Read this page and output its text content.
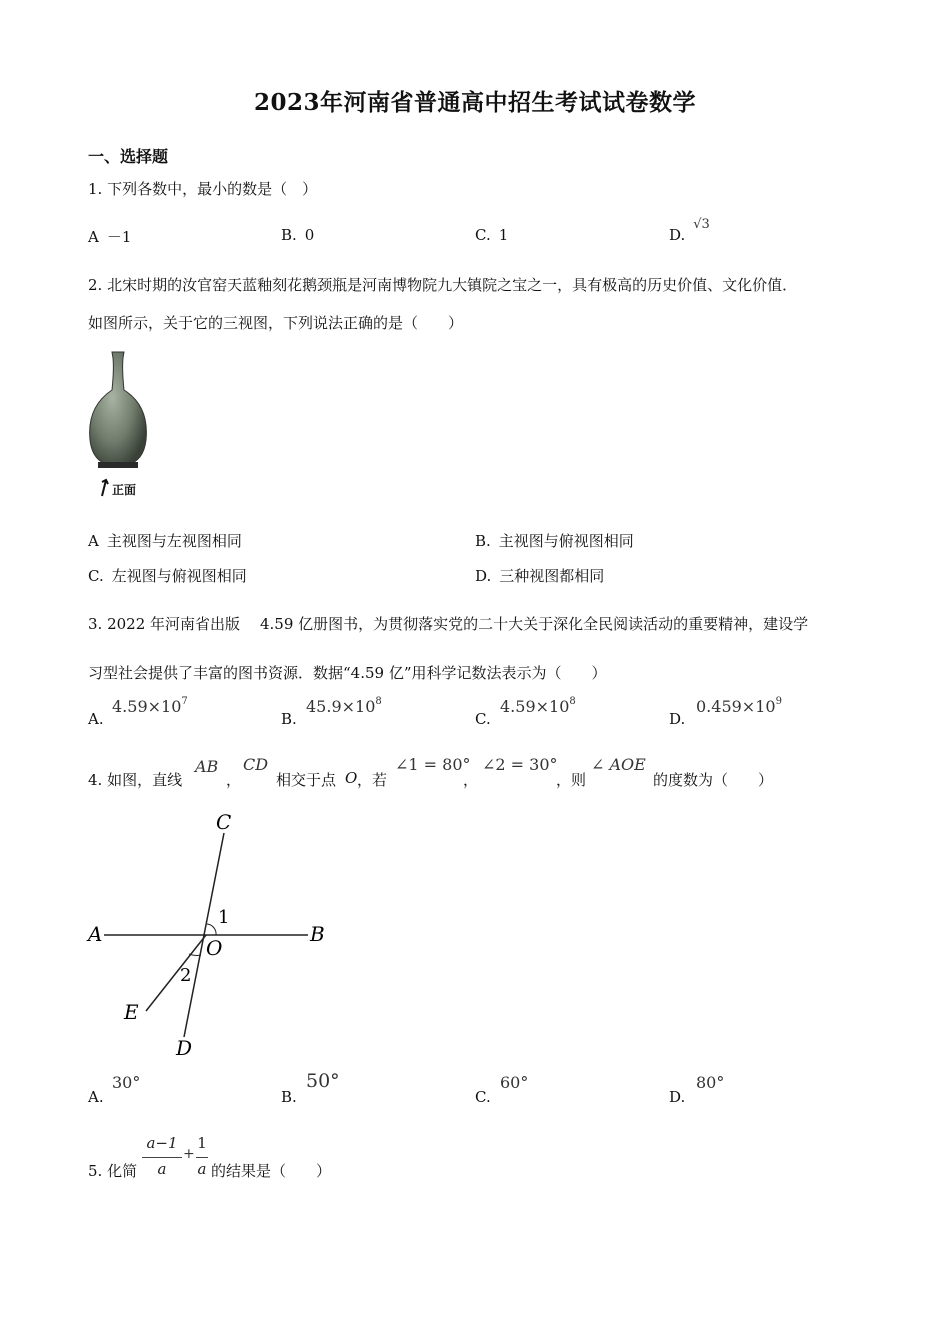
2023年河南省普通高中招生考试试卷数学
一、选择题
1. 下列各数中，最小的数是（　）
A －1	B. 0	C. 1	D.√3
2. 北宋时期的汝官窑天蓝釉刻花鹅颈瓶是河南博物院九大镇院之宝之一，具有极高的历史价值、文化价值．
如图所示，关于它的三视图，下列说法正确的是（　　）
正面
A 主视图与左视图相同	B. 主视图与俯视图相同
C. 左视图与俯视图相同	D. 三种视图都相同
3. 2022 年河南省出版 4.59 亿册图书，为贯彻落实党的二十大关于深化全民阅读活动的重要精神，建设学
习型社会提供了丰富的图书资源．数据“4.59 亿”用科学记数法表示为（　　）
A.
$4.59\times 10^7$
B.
$45.9\times 10^8$
C.
$4.59\times 10^8$
D.
$0.459\times 10^9$
4. 如图，直线
AB
，
CD
相交于点 O ，若
∠1 = 80°
，
∠2 = 30°
，则
∠ AOE
的度数为（　　）
C
A	B
O
1
2
E
D
A.
30°
B.
50°
C.
60°
D.
80°
5. 化简
a−1
a
+
1
a 的结果是（　　）
